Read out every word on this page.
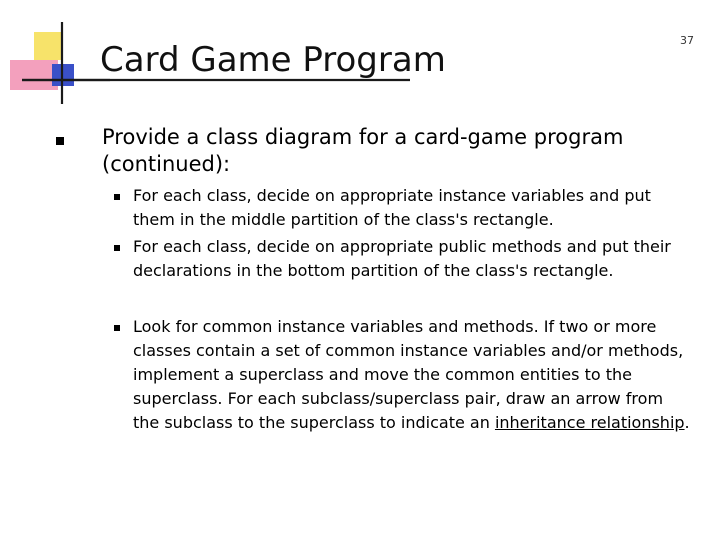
Card Game Program	37
Provide a class diagram for a card-game program (continued):
For each class, decide on appropriate instance variables and put them in the middle partition of the class's rectangle.
For each class, decide on appropriate public methods and put their declarations in the bottom partition of the class's rectangle.
Look for common instance variables and methods. If two or more classes contain a set of common instance variables and/or methods, implement a superclass and move the common entities to the superclass. For each subclass/superclass pair, draw an arrow from the subclass to the superclass to indicate an inheritance relationship.
